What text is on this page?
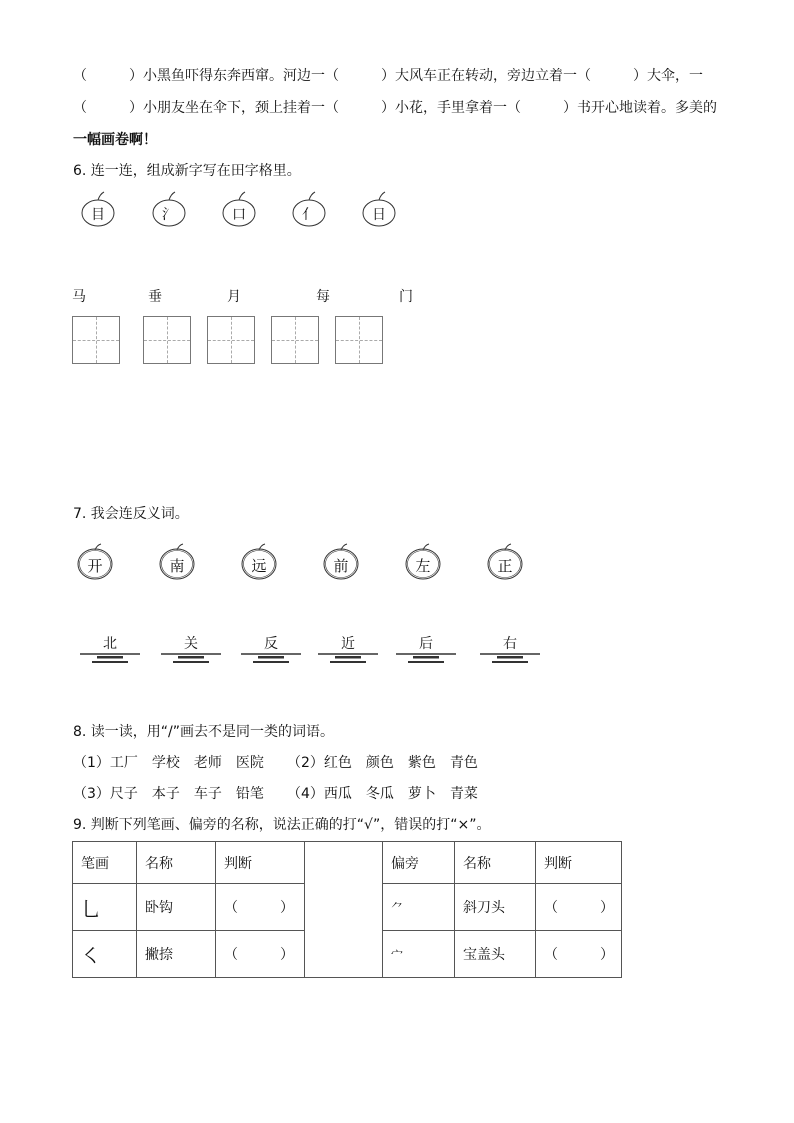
（　　　）小黑鱼吓得东奔西窜。河边一（　　　）大风车正在转动，旁边立着一（　　　）大伞，一
（　　　）小朋友坐在伞下，颈上挂着一（　　　）小花，手里拿着一（　　　）书开心地读着。多美的
一幅画卷啊！
6. 连一连，组成新字写在田字格里。
目	氵	口	亻	日
马	垂	月	每	门
7. 我会连反义词。
开	南	远	前	左	正
北	关	反	近	后	右
8. 读一读，用“/”画去不是同一类的词语。
（1）工厂　学校　老师　医院 （2）红色　颜色　紫色　青色
（3）尺子　本子　车子　铅笔 （4）西瓜　冬瓜　萝卜　青菜
9. 判断下列笔画、偏旁的名称，说法正确的打“√”，错误的打“×”。
笔画	名称	判断		偏旁	名称	判断
乚	卧钩	（　　　）		⺈	斜刀头	（　　　）
㇛	撇捺	（　　　）		宀	宝盖头	（　　　）
